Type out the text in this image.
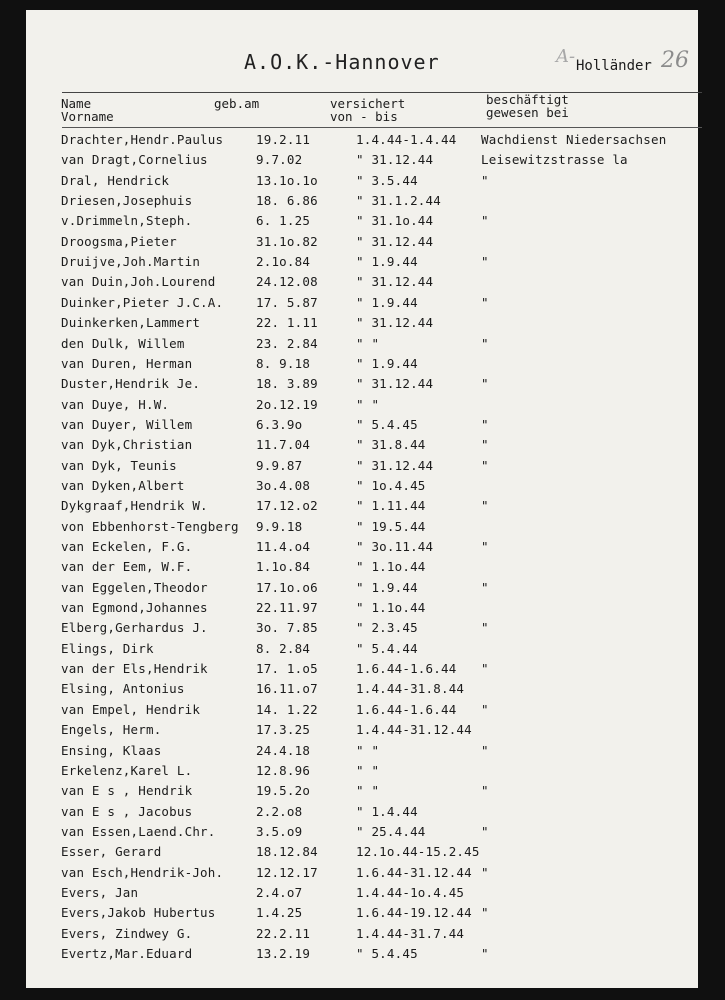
A.O.K.-Hannover	A- Holländer 26
Name
Vorname
geb.am	versichert
von - bis
beschäftigt
gewesen bei
Drachter,Hendr.Paulus	19.2.11	1.4.44-1.4.44 Wachdienst Niedersachsen
van Dragt,Cornelius	9.7.02	" 31.12.44	Leisewitzstrasse la
Dral, Hendrick	13.1o.1o	" 3.5.44	"
Driesen,Josephuis	18. 6.86	" 31.1.2.44
v.Drimmeln,Steph.	6. 1.25	" 31.1o.44	"
Droogsma,Pieter	31.1o.82	" 31.12.44
Druijve,Joh.Martin	2.1o.84	" 1.9.44	"
van Duin,Joh.Lourend	24.12.08	" 31.12.44
Duinker,Pieter J.C.A.	17. 5.87	" 1.9.44	"
Duinkerken,Lammert	22. 1.11	" 31.12.44
den Dulk, Willem	23. 2.84	" "	"
van Duren, Herman	8. 9.18	" 1.9.44
Duster,Hendrik Je.	18. 3.89	" 31.12.44	"
van Duye, H.W.	2o.12.19	" "
van Duyer, Willem	6.3.9o	" 5.4.45	"
van Dyk,Christian	11.7.04	" 31.8.44	"
van Dyk, Teunis	9.9.87	" 31.12.44	"
van Dyken,Albert	3o.4.08	" 1o.4.45
Dykgraaf,Hendrik W.	17.12.o2	" 1.11.44	"
von Ebbenhorst-Tengberg 9.9.18	" 19.5.44
van Eckelen, F.G.	11.4.o4	" 3o.11.44	"
van der Eem, W.F.	1.1o.84	" 1.1o.44
van Eggelen,Theodor	17.1o.o6	" 1.9.44	"
van Egmond,Johannes	22.11.97	" 1.1o.44
Elberg,Gerhardus J.	3o. 7.85	" 2.3.45	"
Elings, Dirk	8. 2.84	" 5.4.44
van der Els,Hendrik	17. 1.o5	1.6.44-1.6.44 "
Elsing, Antonius	16.11.o7	1.4.44-31.8.44
van Empel, Hendrik	14. 1.22	1.6.44-1.6.44 "
Engels, Herm.	17.3.25	1.4.44-31.12.44
Ensing, Klaas	24.4.18	" "	"
Erkelenz,Karel L.	12.8.96	" "
van E s , Hendrik	19.5.2o	" "	"
van E s , Jacobus	2.2.o8	" 1.4.44
van Essen,Laend.Chr.	3.5.o9	" 25.4.44	"
Esser, Gerard	18.12.84	12.1o.44-15.2.45
van Esch,Hendrik-Joh.	12.12.17	1.6.44-31.12.44 "
Evers, Jan	2.4.o7	1.4.44-1o.4.45
Evers,Jakob Hubertus	1.4.25	1.6.44-19.12.44 "
Evers, Zindwey G.	22.2.11	1.4.44-31.7.44
Evertz,Mar.Eduard	13.2.19	" 5.4.45	"
